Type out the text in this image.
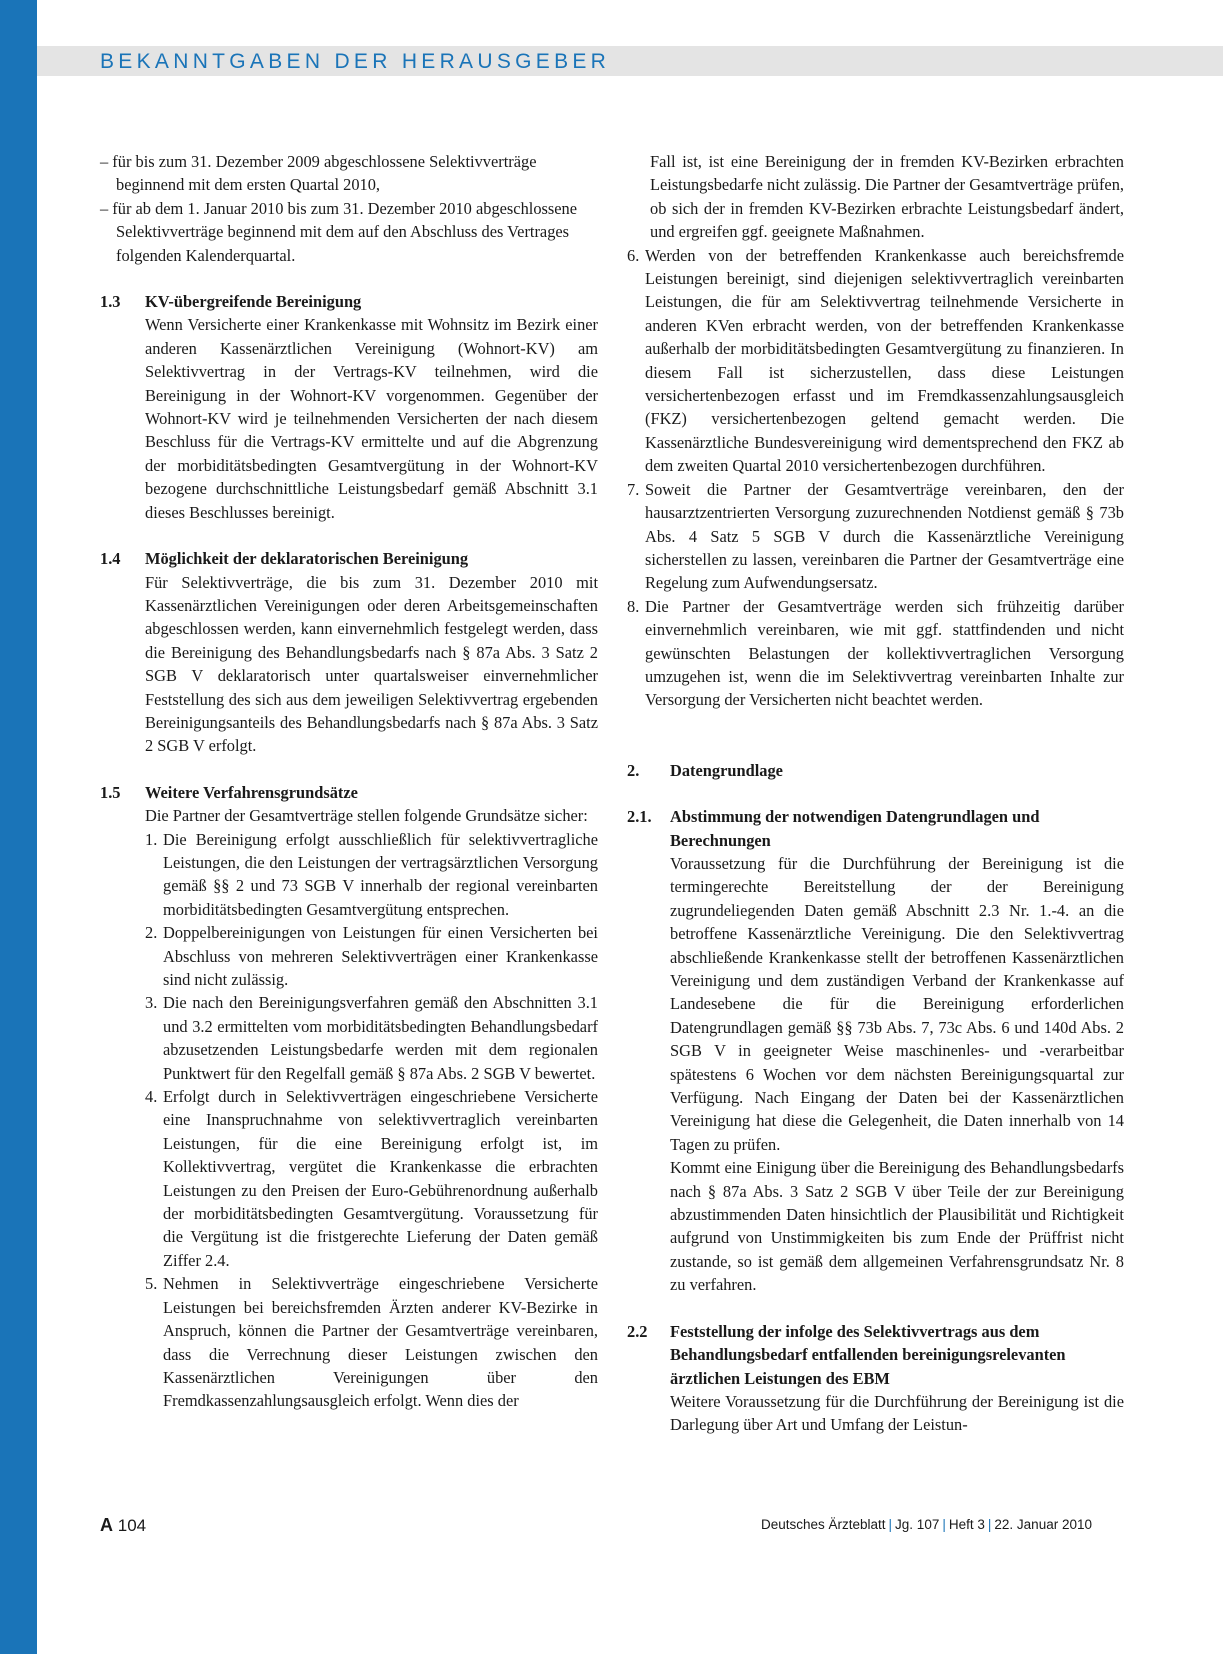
BEKANNTGABEN DER HERAUSGEBER
– für bis zum 31. Dezember 2009 abgeschlossene Selektivverträge beginnend mit dem ersten Quartal 2010,
– für ab dem 1. Januar 2010 bis zum 31. Dezember 2010 abgeschlossene Selektivverträge beginnend mit dem auf den Abschluss des Vertrages folgenden Kalenderquartal.
1.3	KV-übergreifende Bereinigung
Wenn Versicherte einer Krankenkasse mit Wohnsitz im Bezirk einer anderen Kassenärztlichen Vereinigung (Wohnort-KV) am Selektivvertrag in der Vertrags-KV teilnehmen, wird die Bereinigung in der Wohnort-KV vorgenommen. Gegenüber der Wohnort-KV wird je teilnehmenden Versicherten der nach diesem Beschluss für die Vertrags-KV ermittelte und auf die Abgrenzung der morbiditätsbedingten Gesamtvergütung in der Wohnort-KV bezogene durchschnittliche Leistungsbedarf gemäß Abschnitt 3.1 dieses Beschlusses bereinigt.
1.4	Möglichkeit der deklaratorischen Bereinigung
Für Selektivverträge, die bis zum 31. Dezember 2010 mit Kassenärztlichen Vereinigungen oder deren Arbeitsgemeinschaften abgeschlossen werden, kann einvernehmlich festgelegt werden, dass die Bereinigung des Behandlungsbedarfs nach § 87a Abs. 3 Satz 2 SGB V deklaratorisch unter quartalsweiser einvernehmlicher Feststellung des sich aus dem jeweiligen Selektivvertrag ergebenden Bereinigungsanteils des Behandlungsbedarfs nach § 87a Abs. 3 Satz 2 SGB V erfolgt.
1.5	Weitere Verfahrensgrundsätze
Die Partner der Gesamtverträge stellen folgende Grundsätze sicher:
1. Die Bereinigung erfolgt ausschließlich für selektivvertragliche Leistungen, die den Leistungen der vertragsärztlichen Versorgung gemäß §§ 2 und 73 SGB V innerhalb der regional vereinbarten morbiditätsbedingten Gesamtvergütung entsprechen.
2. Doppelbereinigungen von Leistungen für einen Versicherten bei Abschluss von mehreren Selektivverträgen einer Krankenkasse sind nicht zulässig.
3. Die nach den Bereinigungsverfahren gemäß den Abschnitten 3.1 und 3.2 ermittelten vom morbiditätsbedingten Behandlungsbedarf abzusetzenden Leistungsbedarfe werden mit dem regionalen Punktwert für den Regelfall gemäß § 87a Abs. 2 SGB V bewertet.
4. Erfolgt durch in Selektivverträgen eingeschriebene Versicherte eine Inanspruchnahme von selektivvertraglich vereinbarten Leistungen, für die eine Bereinigung erfolgt ist, im Kollektivvertrag, vergütet die Krankenkasse die erbrachten Leistungen zu den Preisen der Euro-Gebührenordnung außerhalb der morbiditätsbedingten Gesamtvergütung. Voraussetzung für die Vergütung ist die fristgerechte Lieferung der Daten gemäß Ziffer 2.4.
5. Nehmen in Selektivverträge eingeschriebene Versicherte Leistungen bei bereichsfremden Ärzten anderer KV-Bezirke in Anspruch, können die Partner der Gesamtverträge vereinbaren, dass die Verrechnung dieser Leistungen zwischen den Kassenärztlichen Vereinigungen über den Fremdkassenzahlungsausgleich erfolgt. Wenn dies der
Fall ist, ist eine Bereinigung der in fremden KV-Bezirken erbrachten Leistungsbedarfe nicht zulässig. Die Partner der Gesamtverträge prüfen, ob sich der in fremden KV-Bezirken erbrachte Leistungsbedarf ändert, und ergreifen ggf. geeignete Maßnahmen.
6. Werden von der betreffenden Krankenkasse auch bereichsfremde Leistungen bereinigt, sind diejenigen selektivvertraglich vereinbarten Leistungen, die für am Selektivvertrag teilnehmende Versicherte in anderen KVen erbracht werden, von der betreffenden Krankenkasse außerhalb der morbiditätsbedingten Gesamtvergütung zu finanzieren. In diesem Fall ist sicherzustellen, dass diese Leistungen versichertenbezogen erfasst und im Fremdkassenzahlungsausgleich (FKZ) versichertenbezogen geltend gemacht werden. Die Kassenärztliche Bundesvereinigung wird dementsprechend den FKZ ab dem zweiten Quartal 2010 versichertenbezogen durchführen.
7. Soweit die Partner der Gesamtverträge vereinbaren, den der hausarztzentrierten Versorgung zuzurechnenden Notdienst gemäß § 73b Abs. 4 Satz 5 SGB V durch die Kassenärztliche Vereinigung sicherstellen zu lassen, vereinbaren die Partner der Gesamtverträge eine Regelung zum Aufwendungsersatz.
8. Die Partner der Gesamtverträge werden sich frühzeitig darüber einvernehmlich vereinbaren, wie mit ggf. stattfindenden und nicht gewünschten Belastungen der kollektivvertraglichen Versorgung umzugehen ist, wenn die im Selektivvertrag vereinbarten Inhalte zur Versorgung der Versicherten nicht beachtet werden.
2.	Datengrundlage
2.1.	Abstimmung der notwendigen Datengrundlagen und Berechnungen
Voraussetzung für die Durchführung der Bereinigung ist die termingerechte Bereitstellung der der Bereinigung zugrundeliegenden Daten gemäß Abschnitt 2.3 Nr. 1.-4. an die betroffene Kassenärztliche Vereinigung. Die den Selektivvertrag abschließende Krankenkasse stellt der betroffenen Kassenärztlichen Vereinigung und dem zuständigen Verband der Krankenkasse auf Landesebene die für die Bereinigung erforderlichen Datengrundlagen gemäß §§ 73b Abs. 7, 73c Abs. 6 und 140d Abs. 2 SGB V in geeigneter Weise maschinenles- und -verarbeitbar spätestens 6 Wochen vor dem nächsten Bereinigungsquartal zur Verfügung. Nach Eingang der Daten bei der Kassenärztlichen Vereinigung hat diese die Gelegenheit, die Daten innerhalb von 14 Tagen zu prüfen.
Kommt eine Einigung über die Bereinigung des Behandlungsbedarfs nach § 87a Abs. 3 Satz 2 SGB V über Teile der zur Bereinigung abzustimmenden Daten hinsichtlich der Plausibilität und Richtigkeit aufgrund von Unstimmigkeiten bis zum Ende der Prüffrist nicht zustande, so ist gemäß dem allgemeinen Verfahrensgrundsatz Nr. 8 zu verfahren.
2.2	Feststellung der infolge des Selektivvertrags aus dem Behandlungsbedarf entfallenden bereinigungsrelevanten ärztlichen Leistungen des EBM
Weitere Voraussetzung für die Durchführung der Bereinigung ist die Darlegung über Art und Umfang der Leistun-
A 104	Deutsches Ärzteblatt | Jg. 107 | Heft 3 | 22. Januar 2010
